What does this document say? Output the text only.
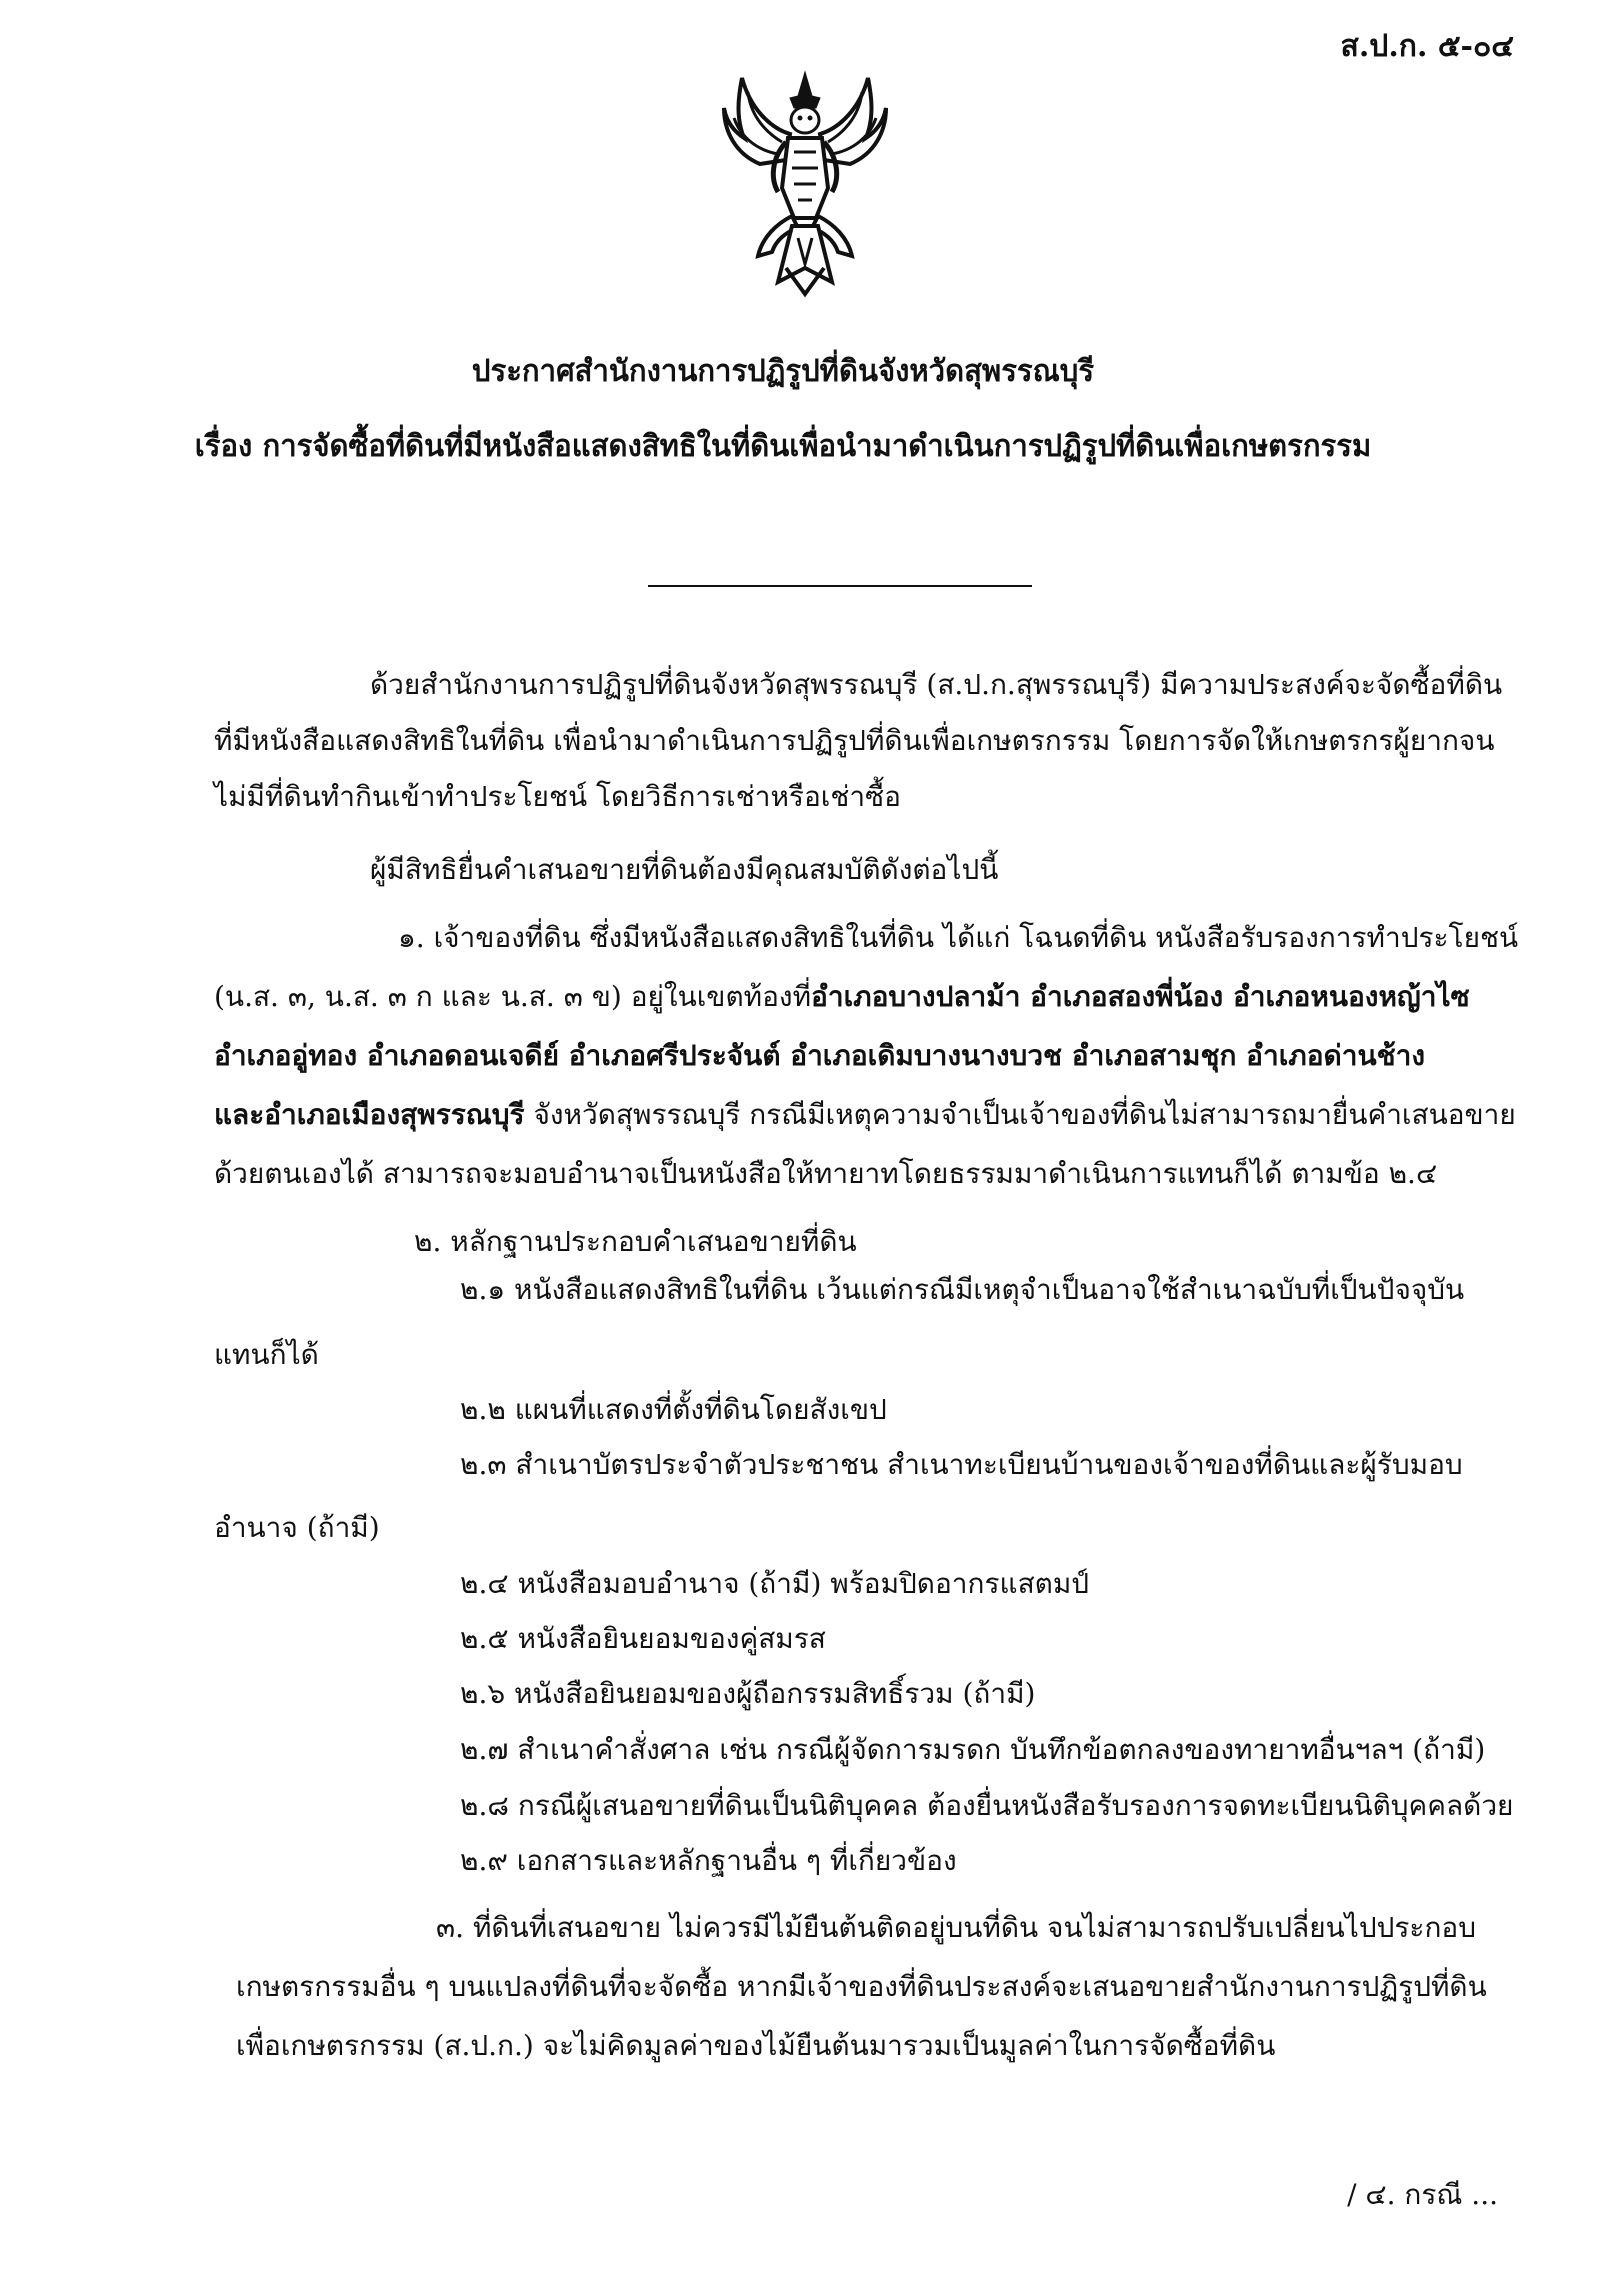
ส.ป.ก. ๕-๐๔
ประกาศสำนักงานการปฏิรูปที่ดินจังหวัดสุพรรณบุรี
เรื่อง การจัดซื้อที่ดินที่มีหนังสือแสดงสิทธิในที่ดินเพื่อนำมาดำเนินการปฏิรูปที่ดินเพื่อเกษตรกรรม
ด้วยสำนักงานการปฏิรูปที่ดินจังหวัดสุพรรณบุรี (ส.ป.ก.สุพรรณบุรี) มีความประสงค์จะจัดซื้อที่ดิน
ที่มีหนังสือแสดงสิทธิในที่ดิน เพื่อนำมาดำเนินการปฏิรูปที่ดินเพื่อเกษตรกรรม โดยการจัดให้เกษตรกรผู้ยากจน
ไม่มีที่ดินทำกินเข้าทำประโยชน์ โดยวิธีการเช่าหรือเช่าซื้อ
ผู้มีสิทธิยื่นคำเสนอขายที่ดินต้องมีคุณสมบัติดังต่อไปนี้
๑. เจ้าของที่ดิน ซึ่งมีหนังสือแสดงสิทธิในที่ดิน ได้แก่ โฉนดที่ดิน หนังสือรับรองการทำประโยชน์
(น.ส. ๓, น.ส. ๓ ก และ น.ส. ๓ ข) อยู่ในเขตท้องที่อำเภอบางปลาม้า อำเภอสองพี่น้อง อำเภอหนองหญ้าไซ
อำเภออู่ทอง อำเภอดอนเจดีย์ อำเภอศรีประจันต์ อำเภอเดิมบางนางบวช อำเภอสามชุก อำเภอด่านช้าง
และอำเภอเมืองสุพรรณบุรี จังหวัดสุพรรณบุรี กรณีมีเหตุความจำเป็นเจ้าของที่ดินไม่สามารถมายื่นคำเสนอขาย
ด้วยตนเองได้ สามารถจะมอบอำนาจเป็นหนังสือให้ทายาทโดยธรรมมาดำเนินการแทนก็ได้ ตามข้อ ๒.๔
๒. หลักฐานประกอบคำเสนอขายที่ดิน
๒.๑ หนังสือแสดงสิทธิในที่ดิน เว้นแต่กรณีมีเหตุจำเป็นอาจใช้สำเนาฉบับที่เป็นปัจจุบัน
แทนก็ได้
๒.๒ แผนที่แสดงที่ตั้งที่ดินโดยสังเขป
๒.๓ สำเนาบัตรประจำตัวประชาชน สำเนาทะเบียนบ้านของเจ้าของที่ดินและผู้รับมอบ
อำนาจ (ถ้ามี)
๒.๔ หนังสือมอบอำนาจ (ถ้ามี) พร้อมปิดอากรแสตมป์
๒.๕ หนังสือยินยอมของคู่สมรส
๒.๖ หนังสือยินยอมของผู้ถือกรรมสิทธิ์รวม (ถ้ามี)
๒.๗ สำเนาคำสั่งศาล เช่น กรณีผู้จัดการมรดก บันทึกข้อตกลงของทายาทอื่นฯลฯ (ถ้ามี)
๒.๘ กรณีผู้เสนอขายที่ดินเป็นนิติบุคคล ต้องยื่นหนังสือรับรองการจดทะเบียนนิติบุคคลด้วย
๒.๙ เอกสารและหลักฐานอื่น ๆ ที่เกี่ยวข้อง
๓. ที่ดินที่เสนอขาย ไม่ควรมีไม้ยืนต้นติดอยู่บนที่ดิน จนไม่สามารถปรับเปลี่ยนไปประกอบ
เกษตรกรรมอื่น ๆ บนแปลงที่ดินที่จะจัดซื้อ หากมีเจ้าของที่ดินประสงค์จะเสนอขายสำนักงานการปฏิรูปที่ดิน
เพื่อเกษตรกรรม (ส.ป.ก.) จะไม่คิดมูลค่าของไม้ยืนต้นมารวมเป็นมูลค่าในการจัดซื้อที่ดิน
/ ๔. กรณี ...
